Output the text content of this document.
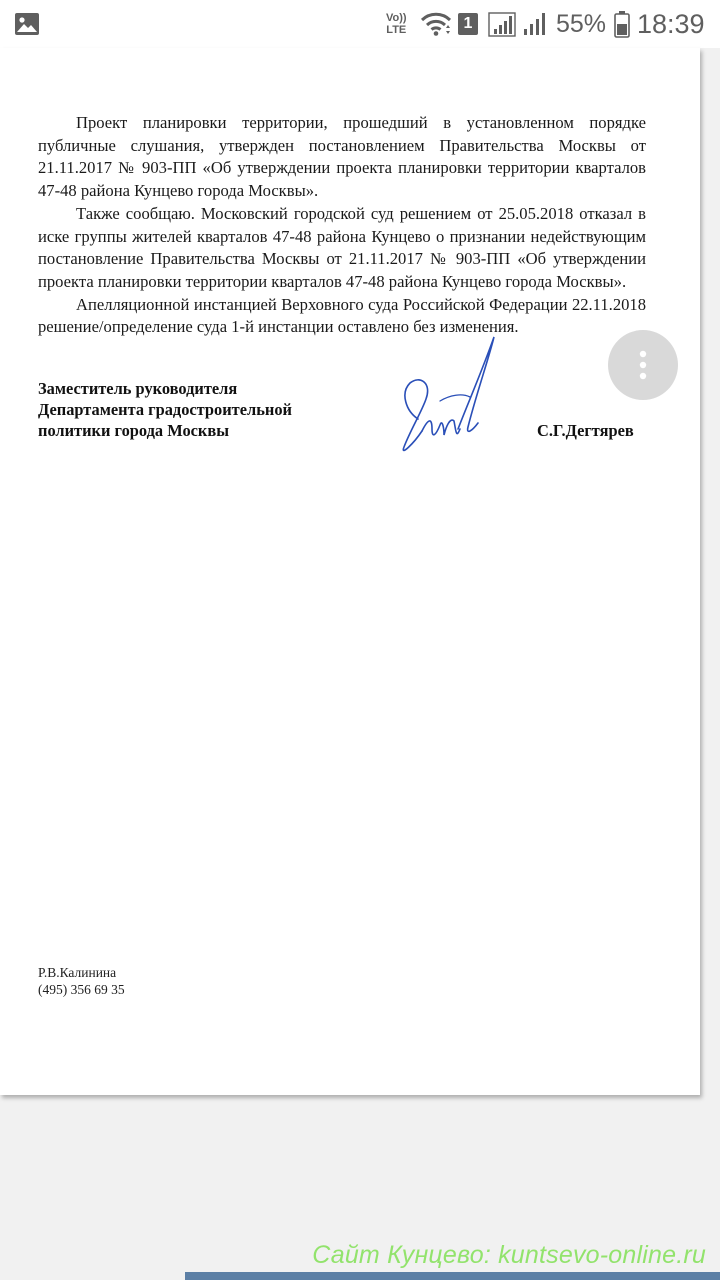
Vo))
LTE	1	55% 18:39

Проект планировки территории, прошедший в установленном порядке публичные слушания, утвержден постановлением Правительства Москвы от 21.11.2017 № 903-ПП «Об утверждении проекта планировки территории кварталов 47-48 района Кунцево города Москвы».

Также сообщаю. Московский городской суд решением от 25.05.2018 отказал в иске группы жителей кварталов 47-48 района Кунцево о признании недействующим постановление Правительства Москвы от 21.11.2017 № 903-ПП «Об утверждении проекта планировки территории кварталов 47-48 района Кунцево города Москвы».

Апелляционной инстанцией Верховного суда Российской Федерации 22.11.2018 решение/определение суда 1-й инстанции оставлено без изменения.

Заместитель руководителя
Департамента градостроительной
политики города Москвы	С.Г.Дегтярев
Р.В.Калинина
(495) 356 69 35
Сайт Кунцево: kuntsevo-online.ru
